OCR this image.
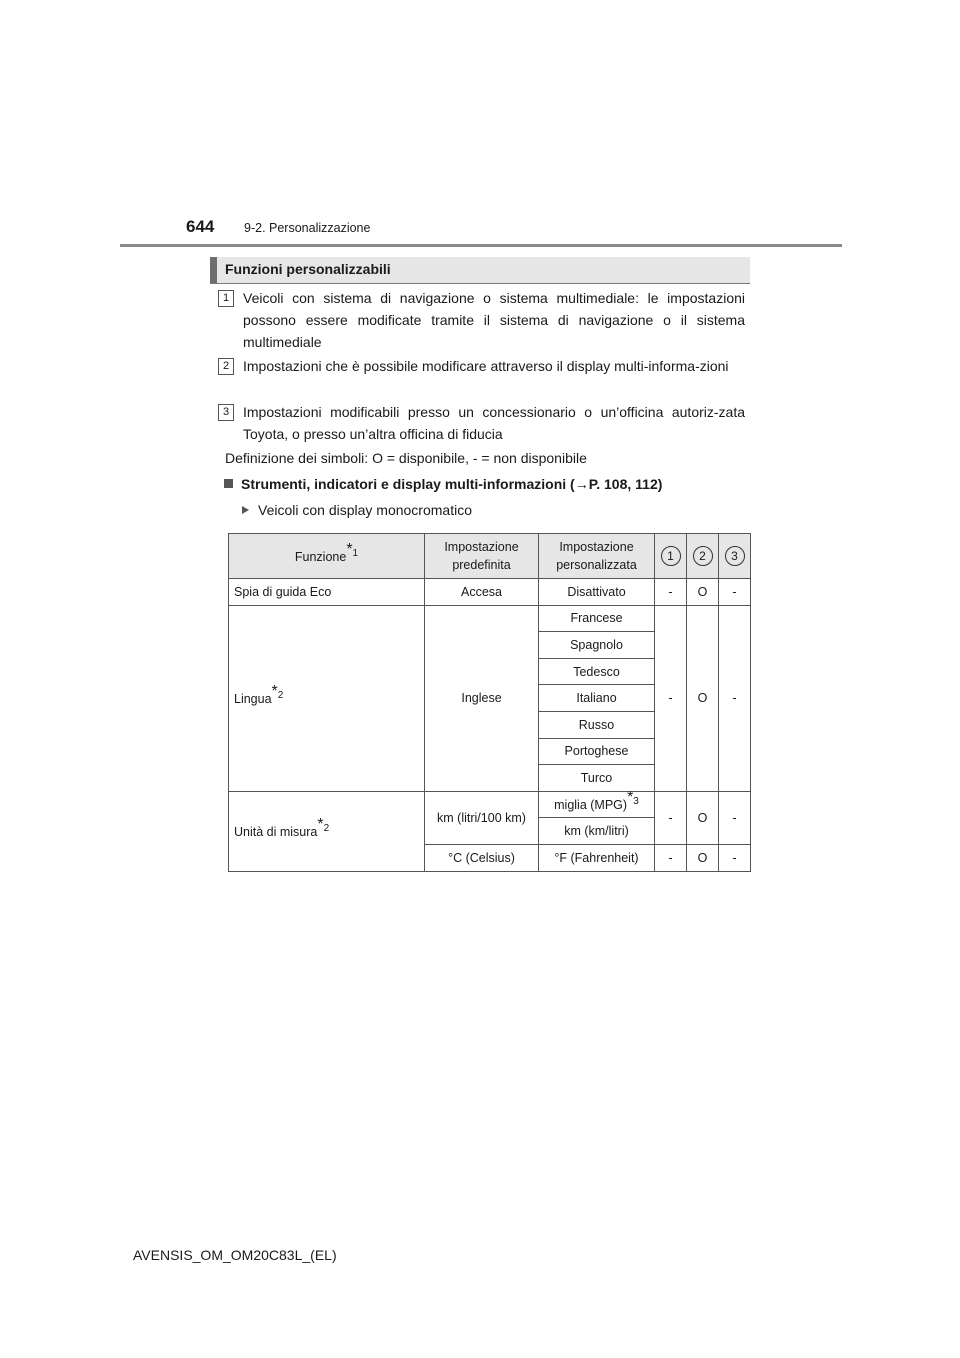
644 9-2. Personalizzazione
Funzioni personalizzabili
1 Veicoli con sistema di navigazione o sistema multimediale: le impostazioni possono essere modificate tramite il sistema di navigazione o il sistema multimediale
2 Impostazioni che è possibile modificare attraverso il display multi-informa-zioni
3 Impostazioni modificabili presso un concessionario o un’officina autoriz-zata Toyota, o presso un’altra officina di fiducia
Definizione dei simboli: O = disponibile, - = non disponibile
Strumenti, indicatori e display multi-informazioni (→P. 108, 112)
Veicoli con display monocromatico
Funzione$^{*1}$	Impostazione predefinita	Impostazione personalizzata	1	2	3
Spia di guida Eco	Accesa	Disattivato	-	O	-
Lingua$^{*2}$	Inglese	Francese	-	O	-
		Spagnolo			
		Tedesco			
		Italiano			
		Russo			
		Portoghese			
		Turco			
Unità di misura$^{*2}$	km (litri/100 km)	miglia (MPG)$^{*3}$	-	O	-
		km (km/litri)			
	°C (Celsius)	°F (Fahrenheit)	-	O	-
AVENSIS_OM_OM20C83L_(EL)
